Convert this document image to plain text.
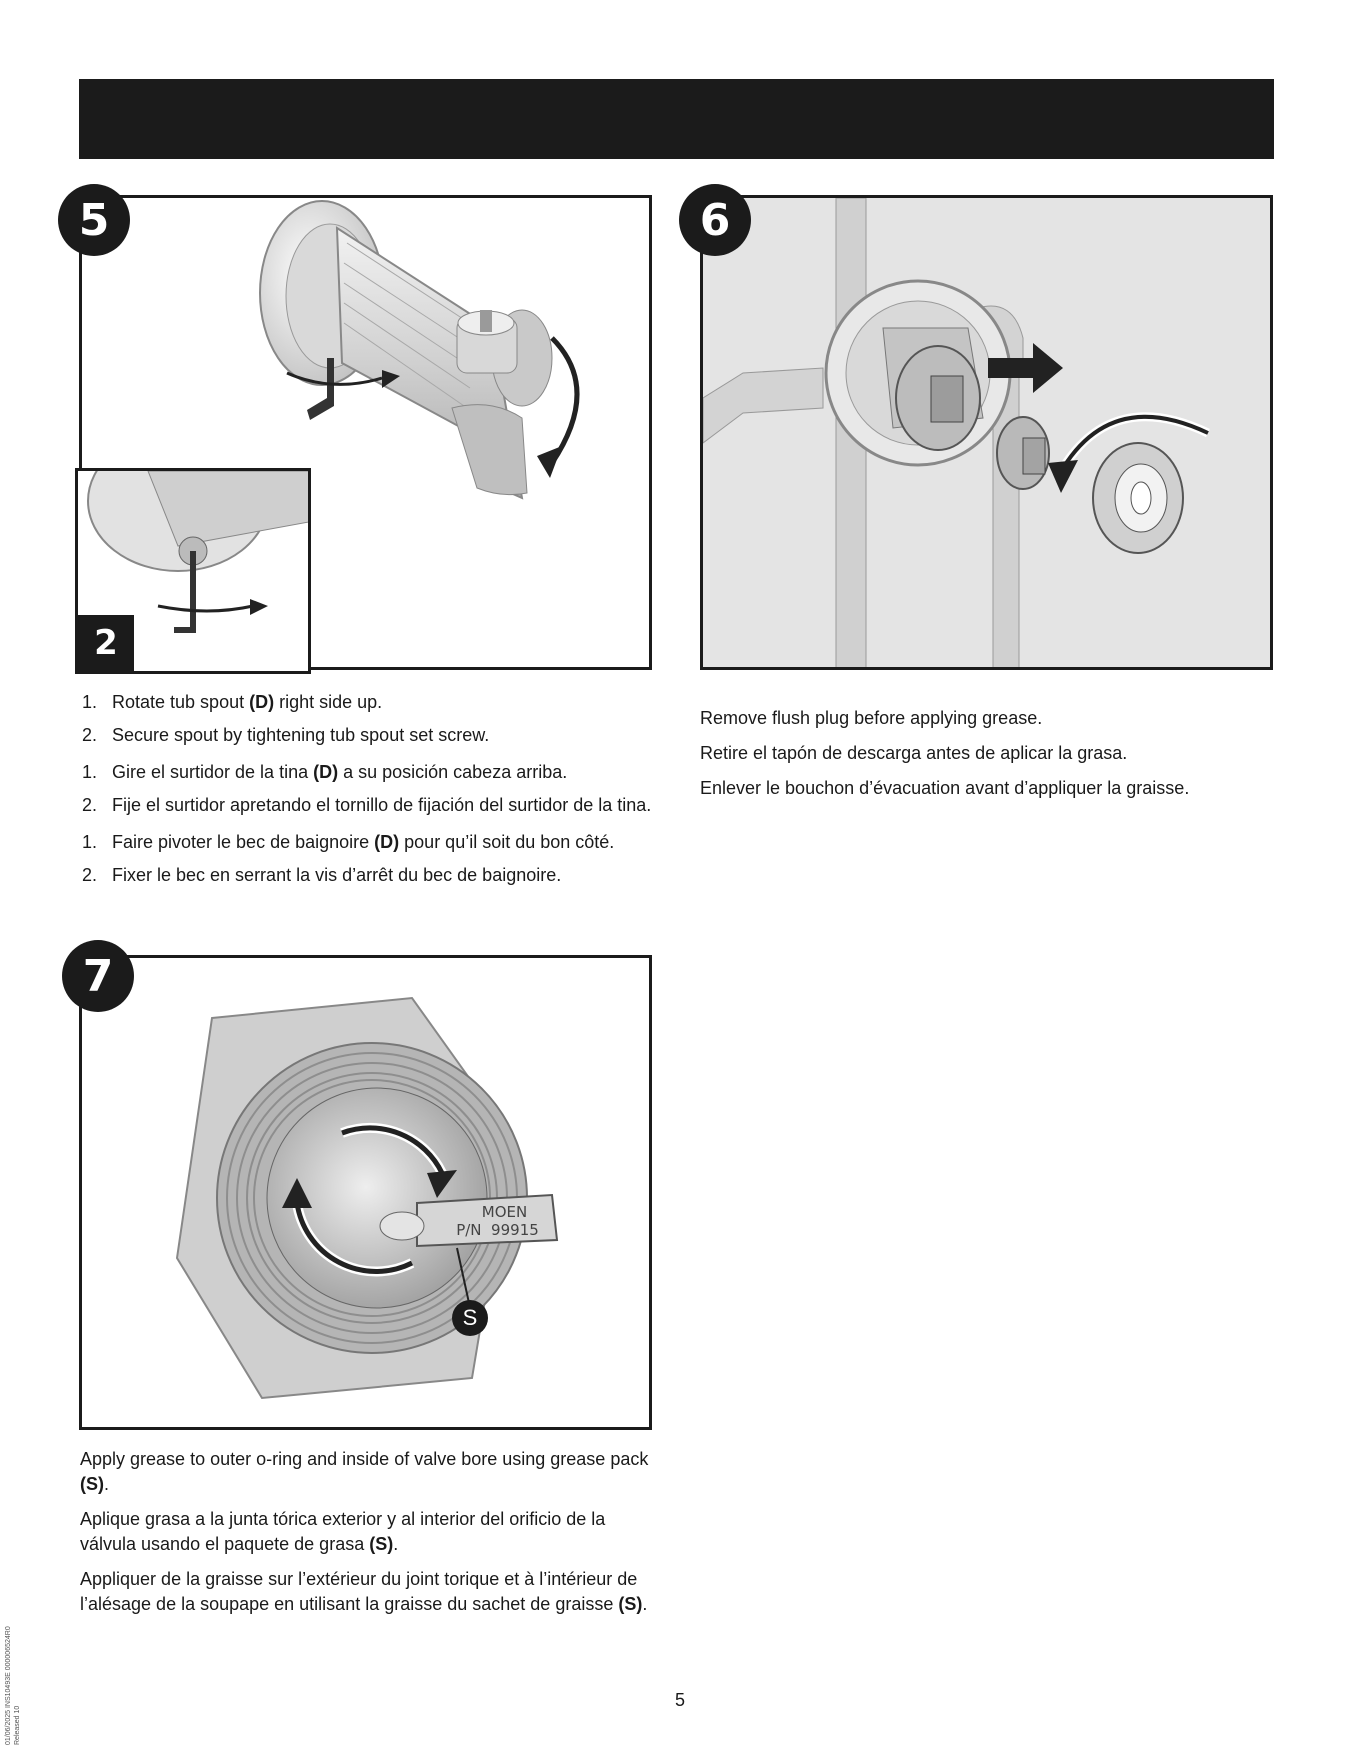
5
2
1. Rotate tub spout (D) right side up.
2. Secure spout by tightening tub spout set screw.
1. Gire el surtidor de la tina (D) a su posición cabeza arriba.
2. Fije el surtidor apretando el tornillo de fijación del surtidor de la tina.
1. Faire pivoter le bec de baignoire (D) pour qu’il soit du bon côté.
2. Fixer le bec en serrant la vis d’arrêt du bec de baignoire.
6

Remove flush plug before applying grease.

Retire el tapón de descarga antes de aplicar la grasa.

Enlever le bouchon d’évacuation avant d’appliquer la graisse.

MOEN
P/N  99915
S
7

Apply grease to outer o-ring and inside of valve bore using grease pack (S).

Aplique grasa a la junta tórica exterior y al interior del orificio de la válvula usando el paquete de grasa (S).

Appliquer de la graisse sur l’extérieur du joint torique et à l’intérieur de l’alésage de la soupape en utilisant la graisse du sachet de graisse (S).

5
01/06/2025 INS10493E 000006524R0 Released 10
